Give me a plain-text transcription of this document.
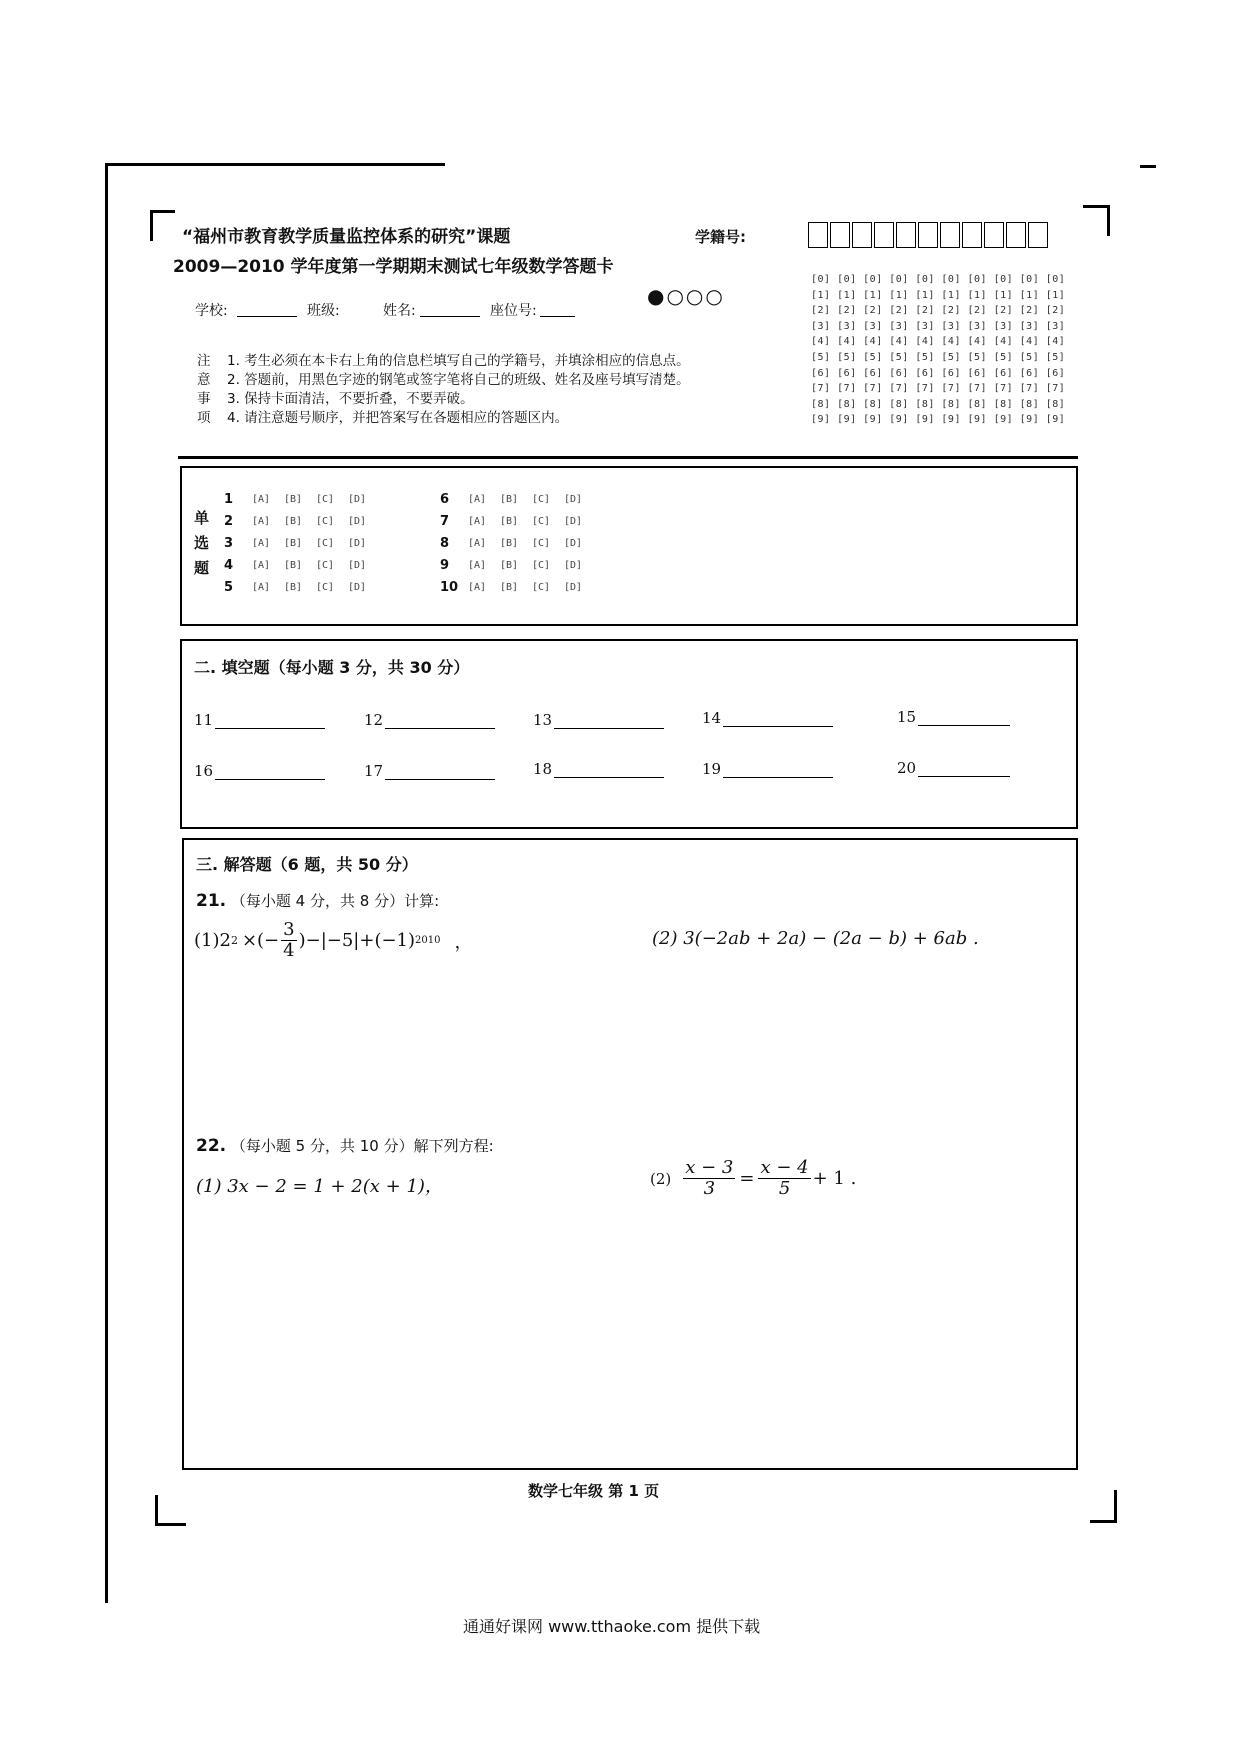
“福州市教育教学质量监控体系的研究”课题
2009—2010 学年度第一学期期末测试七年级数学答题卡
学籍号:
●○○○
学校:	班级:	姓名:	座位号:
[0] [0] [0] [0] [0] [0] [0] [0] [0] [0]
[1] [1] [1] [1] [1] [1] [1] [1] [1] [1]
[2] [2] [2] [2] [2] [2] [2] [2] [2] [2]
[3] [3] [3] [3] [3] [3] [3] [3] [3] [3]
[4] [4] [4] [4] [4] [4] [4] [4] [4] [4]
[5] [5] [5] [5] [5] [5] [5] [5] [5] [5]
[6] [6] [6] [6] [6] [6] [6] [6] [6] [6]
[7] [7] [7] [7] [7] [7] [7] [7] [7] [7]
[8] [8] [8] [8] [8] [8] [8] [8] [8] [8]
[9] [9] [9] [9] [9] [9] [9] [9] [9] [9]
注 1. 考生必须在本卡右上角的信息栏填写自己的学籍号，并填涂相应的信息点。
意 2. 答题前，用黑色字迹的钢笔或签字笔将自己的班级、姓名及座号填写清楚。
事 3. 保持卡面清洁，不要折叠，不要弄破。
项 4. 请注意题号顺序，并把答案写在各题相应的答题区内。
单
选
题
1	[A]	[B]	[C]	[D]
2	[A]	[B]	[C]	[D]
3	[A]	[B]	[C]	[D]
4	[A]	[B]	[C]	[D]
5	[A]	[B]	[C]	[D]
6	[A]	[B]	[C]	[D]
7	[A]	[B]	[C]	[D]
8	[A]	[B]	[C]	[D]
9	[A]	[B]	[C]	[D]
10 [A]	[B]	[C]	[D]
二. 填空题（每小题 3 分，共 30 分）
11	12	13	14	15
16	17	18	19	20
三. 解答题（6 题，共 50 分）
21. （每小题 4 分，共 8 分）计算:
(1) 2 2 ×(− $\frac{3}{4} )-|-5|+(-1)$ 2010 ，	(2) 3(−2ab + 2a) − (2a − b) + 6ab .
22. （每小题 5 分，共 10 分）解下列方程:
(1) 3x − 2 = 1 + 2(x + 1)，	$(2) \frac{x - 3}{3} = \frac{x - 4}{5} + 1$ .
数学七年级 第 1 页
通通好课网 www.tthaoke.com 提供下载
